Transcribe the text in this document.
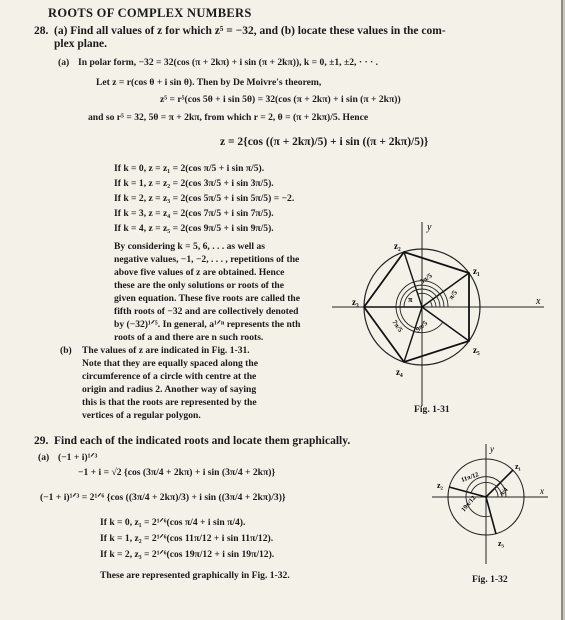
ROOTS OF COMPLEX NUMBERS
28. (a) Find all values of z for which z⁵ = −32, and (b) locate these values in the com-
plex plane.
(a) In polar form, −32 = 32(cos (π + 2kπ) + i sin (π + 2kπ)), k = 0, ±1, ±2, · · · .
Let z = r(cos θ + i sin θ). Then by De Moivre's theorem,
z⁵ = r⁵(cos 5θ + i sin 5θ) = 32(cos (π + 2kπ) + i sin (π + 2kπ))
and so r⁵ = 32, 5θ = π + 2kπ, from which r = 2, θ = (π + 2kπ)/5. Hence
z = 2{cos ((π + 2kπ)/5) + i sin ((π + 2kπ)/5)}
If k = 0, z = z₁ = 2(cos π/5 + i sin π/5).
If k = 1, z = z₂ = 2(cos 3π/5 + i sin 3π/5).
If k = 2, z = z₃ = 2(cos 5π/5 + i sin 5π/5) = −2.
If k = 3, z = z₄ = 2(cos 7π/5 + i sin 7π/5).
If k = 4, z = z₅ = 2(cos 9π/5 + i sin 9π/5).
By considering k = 5, 6, . . . as well as
negative values, −1, −2, . . . , repetitions of the
above five values of z are obtained. Hence
these are the only solutions or roots of the
given equation. These five roots are called the
fifth roots of −32 and are collectively denoted
by (−32)¹ᐟ⁵. In general, a¹ᐟⁿ represents the nth
roots of a and there are n such roots.
(b) The values of z are indicated in Fig. 1-31.
Note that they are equally spaced along the
circumference of a circle with centre at the
origin and radius 2. Another way of saying
this is that the roots are represented by the
vertices of a regular polygon.
y
x
z₁
z₂
z₃
z₄
z₅
π/5
3π/5
π
7π/5 9π/5
Fig. 1-31
29. Find each of the indicated roots and locate them graphically.
(a) (−1 + i)¹ᐟ³
−1 + i = √2 {cos (3π/4 + 2kπ) + i sin (3π/4 + 2kπ)}
(−1 + i)¹ᐟ³ = 2¹ᐟ⁶ {cos ((3π/4 + 2kπ)/3) + i sin ((3π/4 + 2kπ)/3)}
If k = 0, z₁ = 2¹ᐟ⁶(cos π/4 + i sin π/4).
If k = 1, z₂ = 2¹ᐟ⁶(cos 11π/12 + i sin 11π/12).
If k = 2, z₃ = 2¹ᐟ⁶(cos 19π/12 + i sin 19π/12).
These are represented graphically in Fig. 1-32.
y
x
z₁
z₂
z₃
π/4
11π/12
19π/12
Fig. 1-32
